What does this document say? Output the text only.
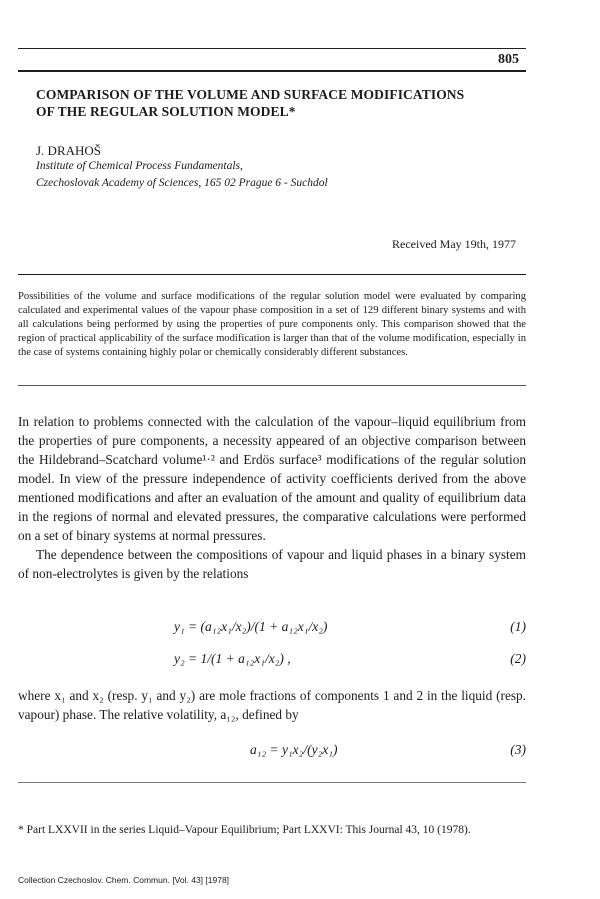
805
COMPARISON OF THE VOLUME AND SURFACE MODIFICATIONS
OF THE REGULAR SOLUTION MODEL*
J. DRAHOŠ
Institute of Chemical Process Fundamentals,
Czechoslovak Academy of Sciences, 165 02 Prague 6 - Suchdol
Received May 19th, 1977

Possibilities of the volume and surface modifications of the regular solution model were evaluated by comparing calculated and experimental values of the vapour phase composition in a set of 129 different binary systems and with all calculations being performed by using the properties of pure components only. This comparison showed that the region of practical applicability of the surface modification is larger than that of the volume modification, especially in the case of systems containing highly polar or chemically considerably different substances.

In relation to problems connected with the calculation of the vapour–liquid equilibrium from the properties of pure components, a necessity appeared of an objective comparison between the Hildebrand–Scatchard volume¹·² and Erdös surface³ modifications of the regular solution model. In view of the pressure independence of activity coefficients derived from the above mentioned modifications and after an evaluation of the amount and quality of equilibrium data in the regions of normal and elevated pressures, the comparative calculations were performed on a set of binary systems at normal pressures.

The dependence between the compositions of vapour and liquid phases in a binary system of non-electrolytes is given by the relations

y₁ = (a₁₂x₁/x₂)/(1 + a₁₂x₁/x₂)	(1)
y₂ = 1/(1 + a₁₂x₁/x₂) ,	(2)

where x₁ and x₂ (resp. y₁ and y₂) are mole fractions of components 1 and 2 in the liquid (resp. vapour) phase. The relative volatility, a₁₂, defined by

a₁₂ = y₁x₂/(y₂x₁)	(3)

* Part LXXVII in the series Liquid–Vapour Equilibrium; Part LXXVI: This Journal 43, 10 (1978).

Collection Czechoslov. Chem. Commun. [Vol. 43] [1978]
